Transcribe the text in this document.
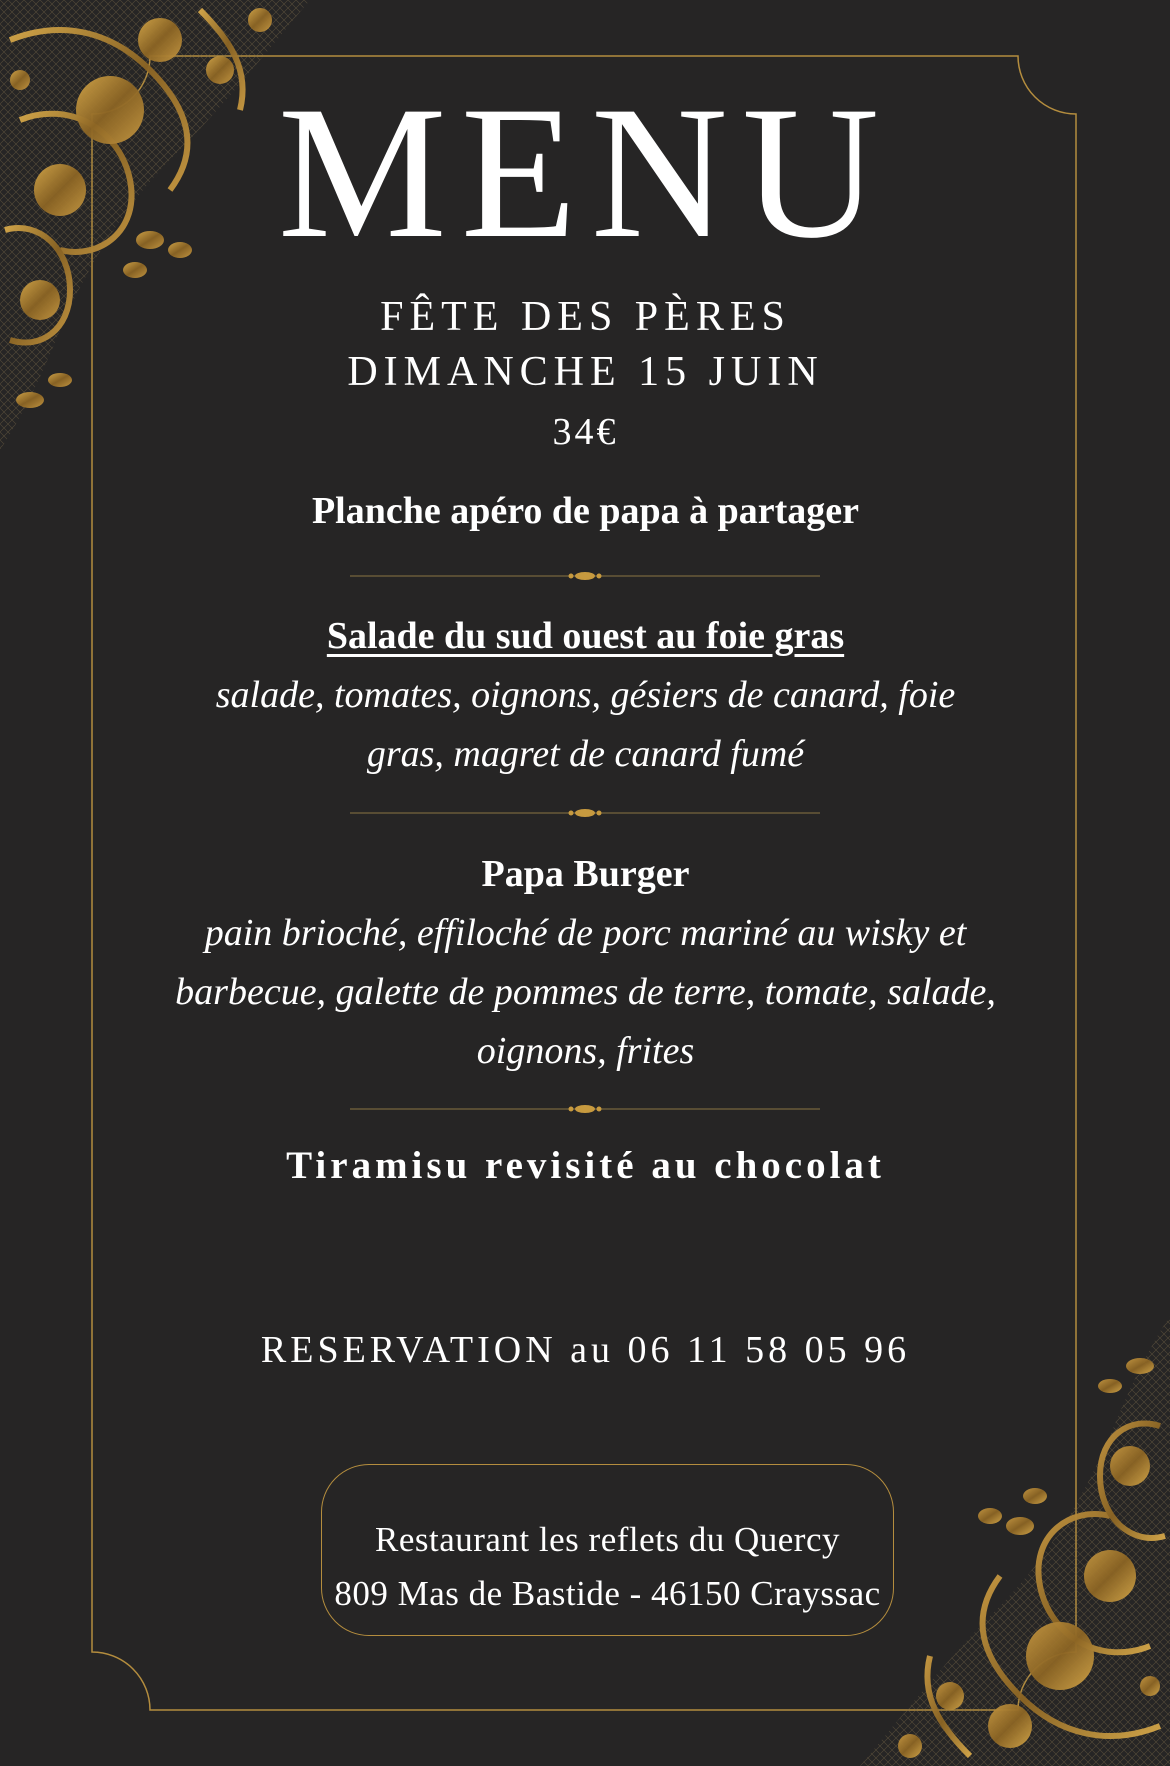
MENU
FÊTE DES PÈRES
DIMANCHE 15 JUIN
34€
Planche apéro de papa à partager
Salade du sud ouest au foie gras
salade, tomates, oignons, gésiers de canard, foie
gras, magret de canard fumé
Papa Burger
pain brioché, effiloché de porc mariné au wisky et
barbecue, galette de pommes de terre, tomate, salade,
oignons, frites
Tiramisu revisité au chocolat
RESERVATION au 06 11 58 05 96
Restaurant les reflets du Quercy
809 Mas de Bastide - 46150 Crayssac
